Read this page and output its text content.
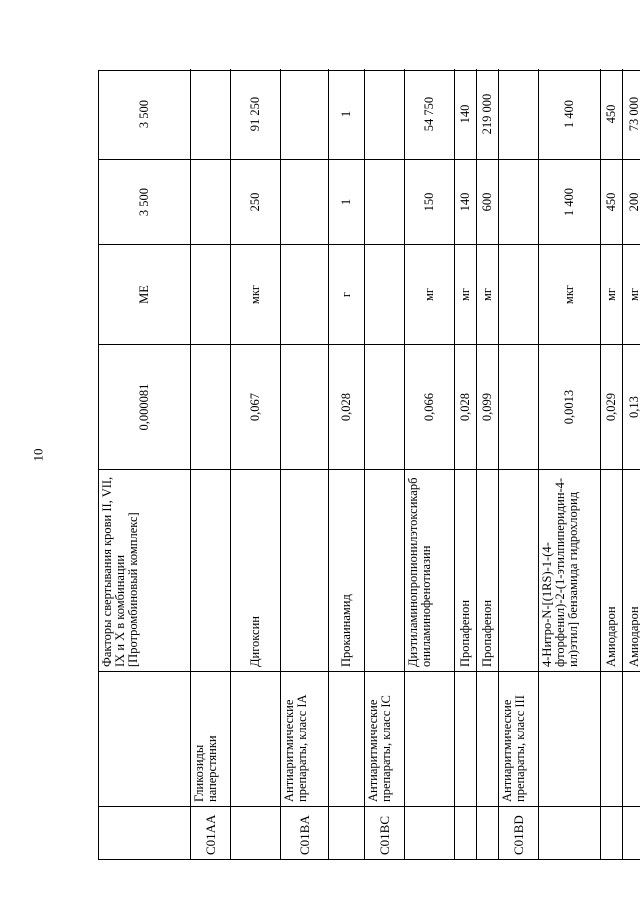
10
Факторы свертывания крови II, VII, IX и X в комбинации [Протромбиновый комплекс]
0,000081
МЕ
3 500
3 500
C01AA
Гликозиды наперстянки
Дигоксин
0,067
мкг
250
91 250
C01BA
Антиаритмические препараты, класс IA
Прокаинамид
0,028
г
1
1
C01BC
Антиаритмические препараты, класс IC
Диэтиламинопропионилэтоксикарбониламинофенотиазин
0,066
мг
150
54 750
Пропафенон
0,028
мг
140
140
Пропафенон
0,099
мг
600
219 000
C01BD
Антиаритмические препараты, класс III
4-Нитро-N-[(1RS)-1-(4-фторфенил)-2-(1-этилпиперидин-4-ил)этил] бензамида гидрохлорид
0,0013
мкг
1 400
1 400
Амиодарон
0,029
мг
450
450
Амиодарон
0,13
мг
200
73 000
